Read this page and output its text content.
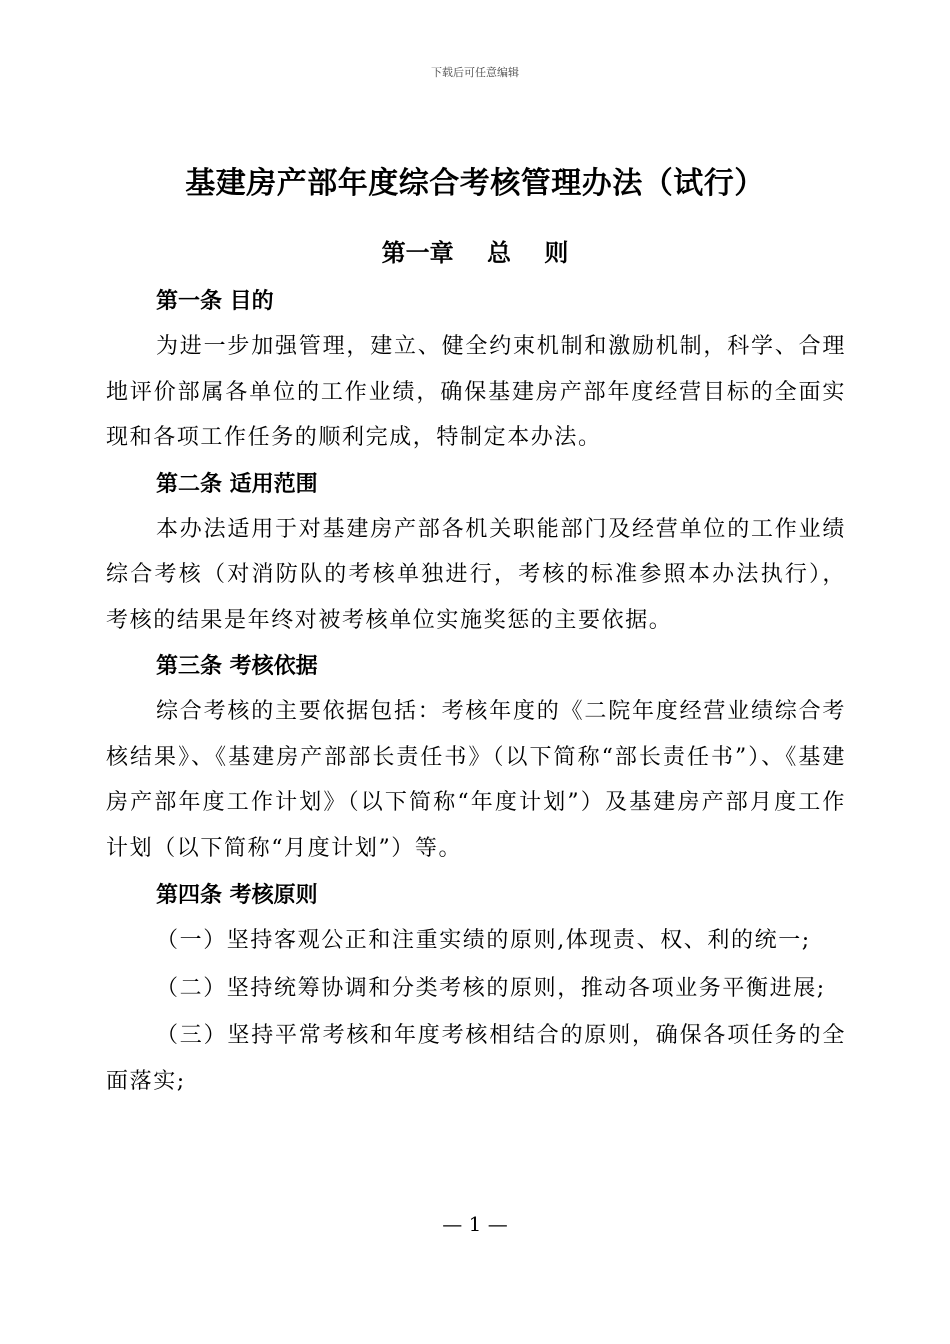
下载后可任意编辑
基建房产部年度综合考核管理办法（试行）
第一章    总    则

第一条 目的

为进一步加强管理，建立、健全约束机制和激励机制，科学、合理地评价部属各单位的工作业绩，确保基建房产部年度经营目标的全面实现和各项工作任务的顺利完成，特制定本办法。

第二条 适用范围

本办法适用于对基建房产部各机关职能部门及经营单位的工作业绩综合考核（对消防队的考核单独进行，考核的标准参照本办法执行），考核的结果是年终对被考核单位实施奖惩的主要依据。

第三条 考核依据

综合考核的主要依据包括：考核年度的《二院年度经营业绩综合考核结果》、《基建房产部部长责任书》（以下简称“部长责任书”）、《基建房产部年度工作计划》（以下简称“年度计划”）及基建房产部月度工作计划（以下简称“月度计划”）等。

第四条 考核原则

（一）坚持客观公正和注重实绩的原则,体现责、权、利的统一;

（二）坚持统筹协调和分类考核的原则，推动各项业务平衡进展;

（三）坚持平常考核和年度考核相结合的原则，确保各项任务的全面落实;

— 1 —
